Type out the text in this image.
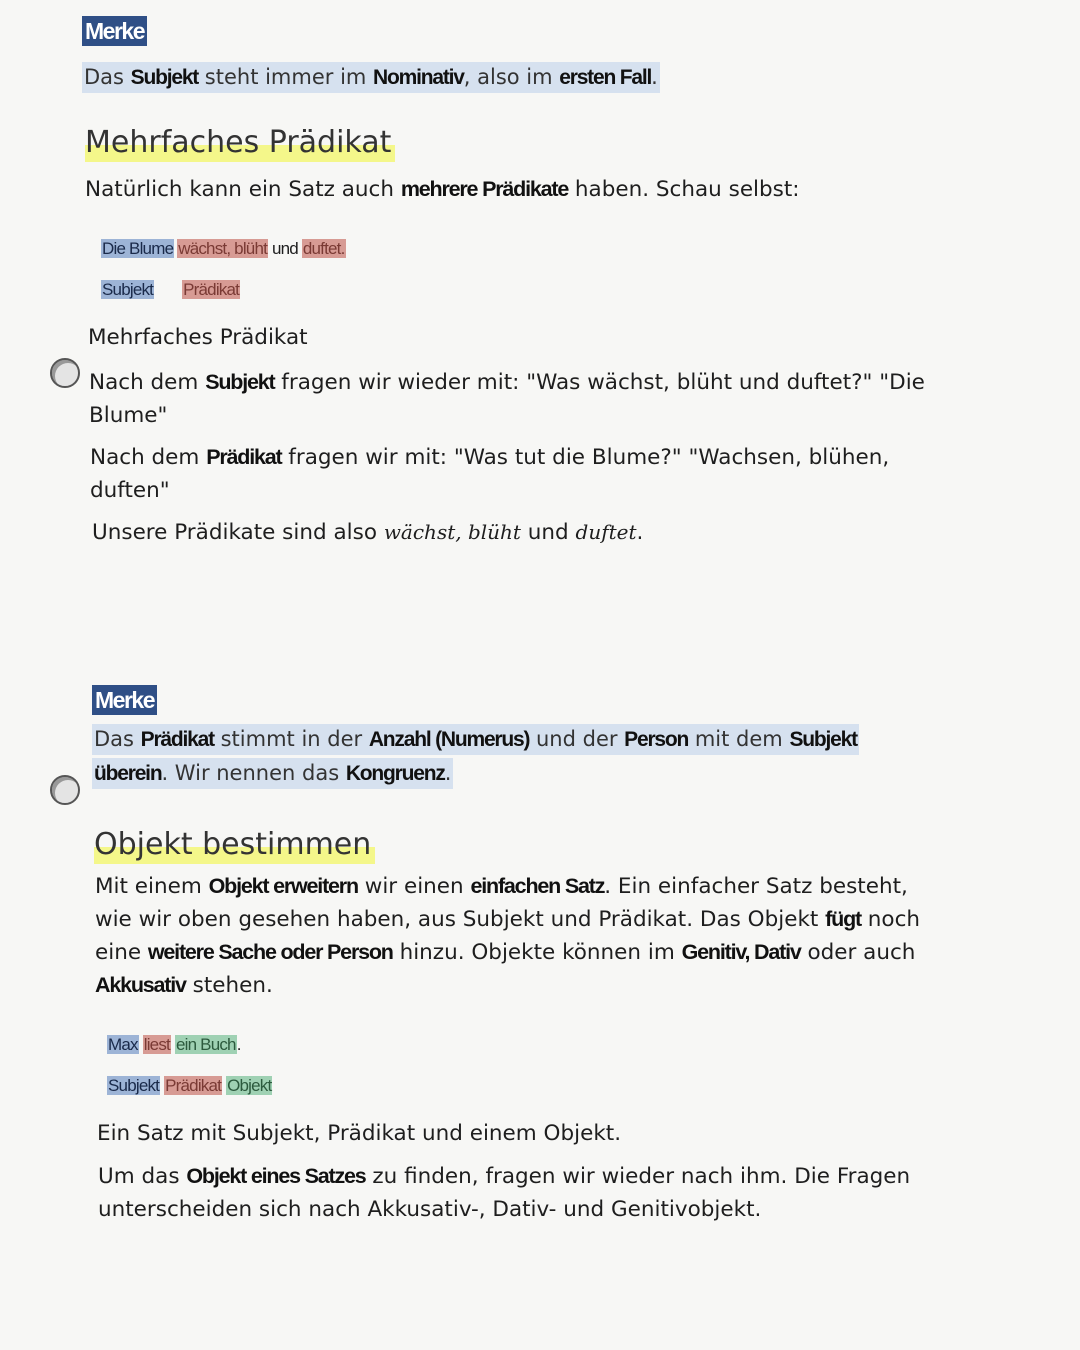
Merke
Das Subjekt steht immer im Nominativ, also im ersten Fall.
Mehrfaches Prädikat
Natürlich kann ein Satz auch mehrere Prädikate haben. Schau selbst:
Die Blume wächst, blüht und duftet.
Subjekt Prädikat
Mehrfaches Prädikat
Nach dem Subjekt fragen wir wieder mit: "Was wächst, blüht und duftet?" "Die
Blume"
Nach dem Prädikat fragen wir mit: "Was tut die Blume?" "Wachsen, blühen,
duften"
Unsere Prädikate sind also wächst, blüht und duftet.
Merke
Das Prädikat stimmt in der Anzahl (Numerus) und der Person mit dem Subjekt
überein. Wir nennen das Kongruenz.
Objekt bestimmen
Mit einem Objekt erweitern wir einen einfachen Satz. Ein einfacher Satz besteht,
wie wir oben gesehen haben, aus Subjekt und Prädikat. Das Objekt fügt noch
eine weitere Sache oder Person hinzu. Objekte können im Genitiv, Dativ oder auch
Akkusativ stehen.
Max liest ein Buch.
Subjekt Prädikat Objekt
Ein Satz mit Subjekt, Prädikat und einem Objekt.
Um das Objekt eines Satzes zu finden, fragen wir wieder nach ihm. Die Fragen
unterscheiden sich nach Akkusativ-, Dativ- und Genitivobjekt.
